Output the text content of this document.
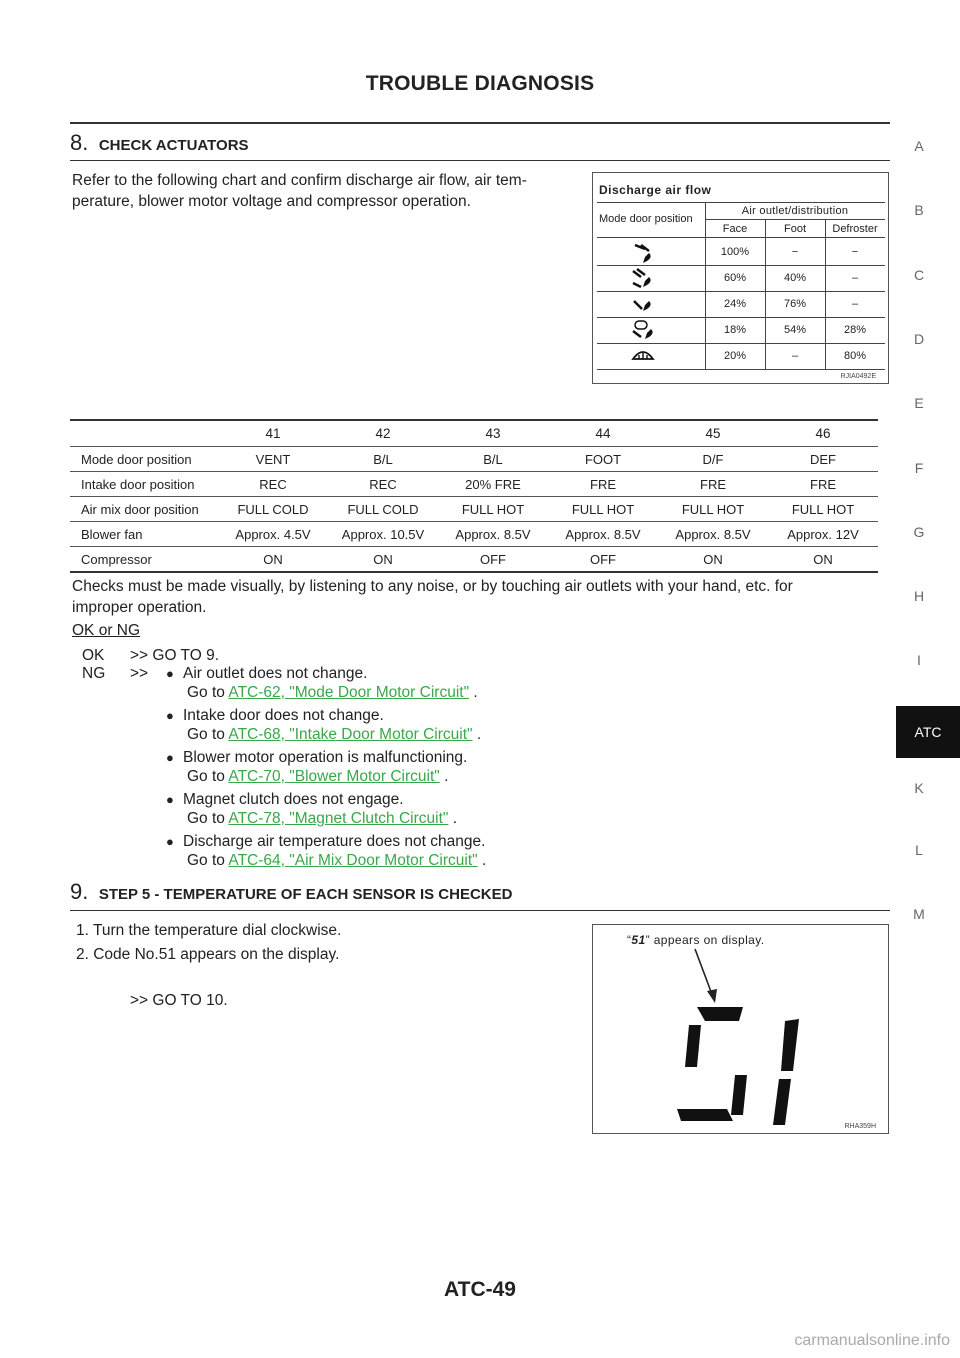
TROUBLE DIAGNOSIS
A
B
C
D
E
F
G
H
I
ATC
K
L
M
8. CHECK ACTUATORS
Refer to the following chart and confirm discharge air flow, air tem-
perature, blower motor voltage and compressor operation.
Discharge air flow
Mode door position
Air outlet/distribution
Face	Foot	Defroster
100%	−	−
60%	40%	–
24%	76%	–
18%	54%	28%
20%	–	80%
RJIA0492E
	41	42	43	44	45	46
Mode door position	VENT	B/L	B/L	FOOT	D/F	DEF
Intake door position	REC	REC	20% FRE	FRE	FRE	FRE
Air mix door position	FULL COLD	FULL COLD	FULL HOT	FULL HOT	FULL HOT	FULL HOT
Blower fan	Approx. 4.5V	Approx. 10.5V	Approx. 8.5V	Approx. 8.5V	Approx. 8.5V	Approx. 12V
Compressor	ON	ON	OFF	OFF	ON	ON
Checks must be made visually, by listening to any noise, or by touching air outlets with your hand, etc. for
improper operation.
OK or NG
OK >> GO TO 9.
NG >> ● Air outlet does not change.
Go to ATC-62, "Mode Door Motor Circuit" .
● Intake door does not change.
Go to ATC-68, "Intake Door Motor Circuit" .
● Blower motor operation is malfunctioning.
Go to ATC-70, "Blower Motor Circuit" .
● Magnet clutch does not engage.
Go to ATC-78, "Magnet Clutch Circuit" .
● Discharge air temperature does not change.
Go to ATC-64, "Air Mix Door Motor Circuit" .
9. STEP 5 - TEMPERATURE OF EACH SENSOR IS CHECKED
1. Turn the temperature dial clockwise.
2. Code No.51 appears on the display.
>> GO TO 10.
“51” appears on display.
RHA359H
ATC-49
carmanualsonline.info
